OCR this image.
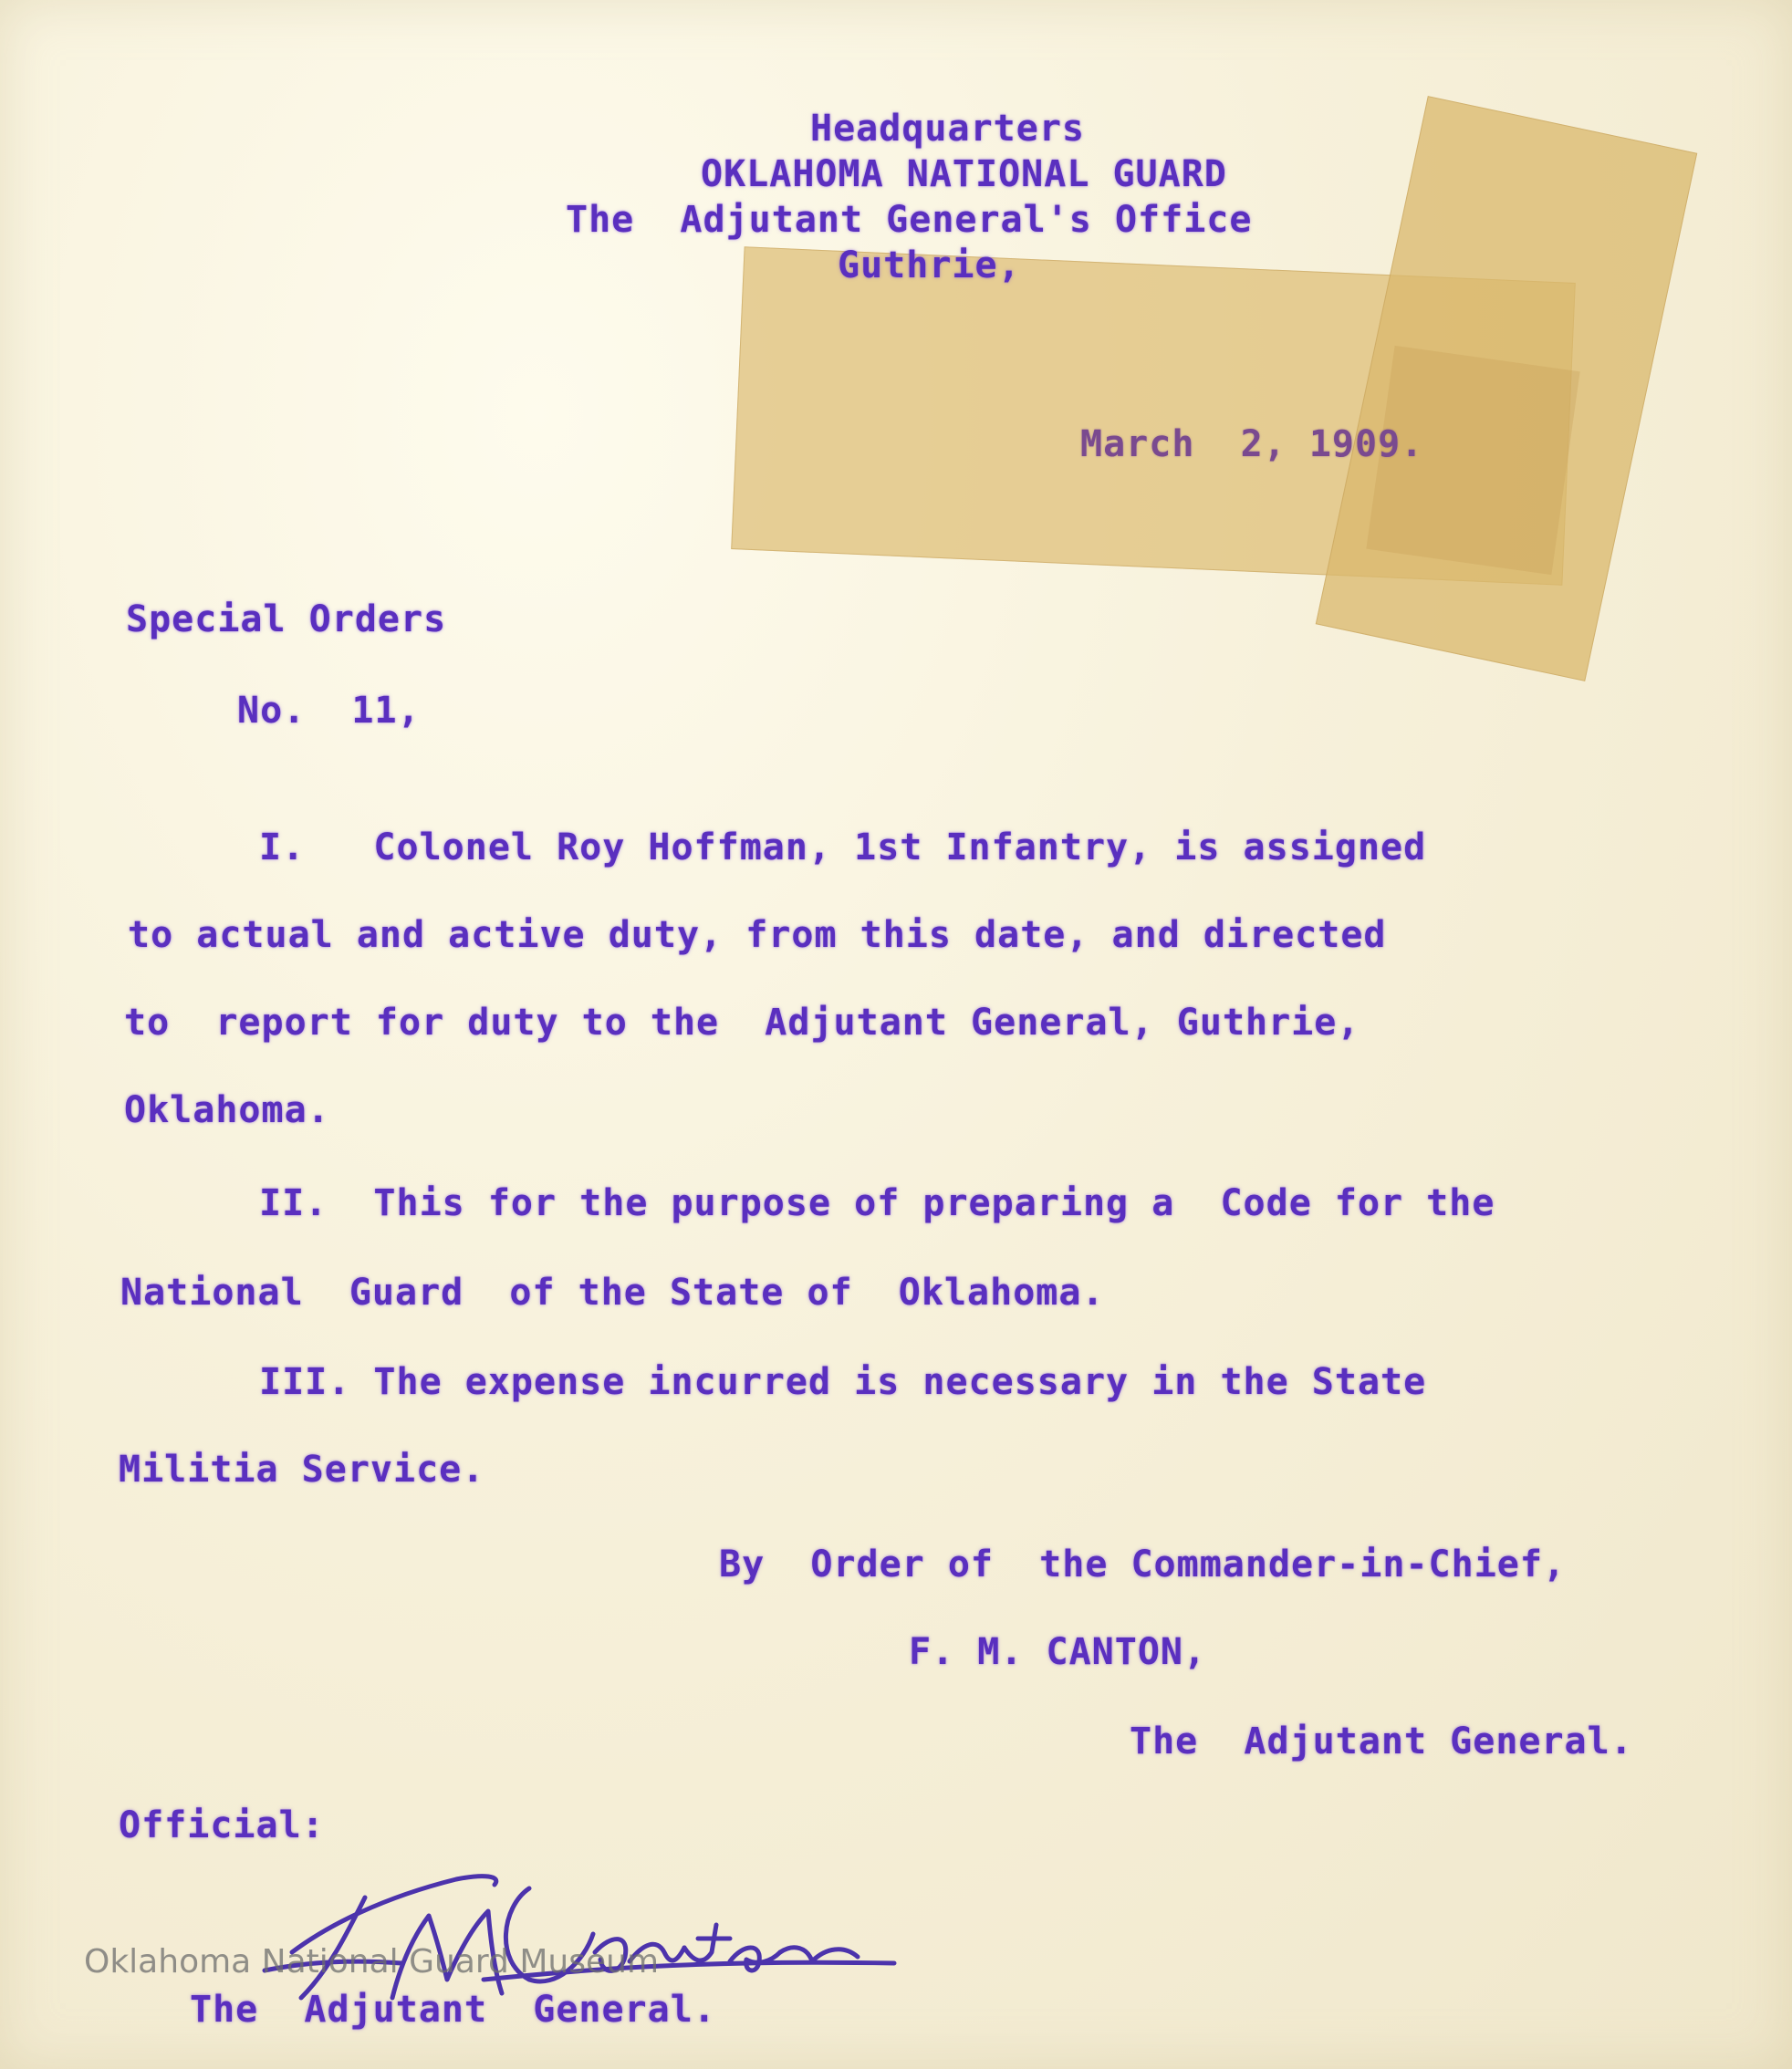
Headquarters
OKLAHOMA NATIONAL GUARD
The  Adjutant General's Office
Guthrie,
March  2, 1909.
Special Orders
No.  11,
I.   Colonel Roy Hoffman, 1st Infantry, is assigned
to actual and active duty, from this date, and directed
to  report for duty to the  Adjutant General, Guthrie,
Oklahoma.
II.  This for the purpose of preparing a  Code for the
National  Guard  of the State of  Oklahoma.
III. The expense incurred is necessary in the State
Militia Service.
By  Order of  the Commander-in-Chief,
F. M. CANTON,
The  Adjutant General.
Official:
The  Adjutant  General.
Oklahoma National Guard Museum
